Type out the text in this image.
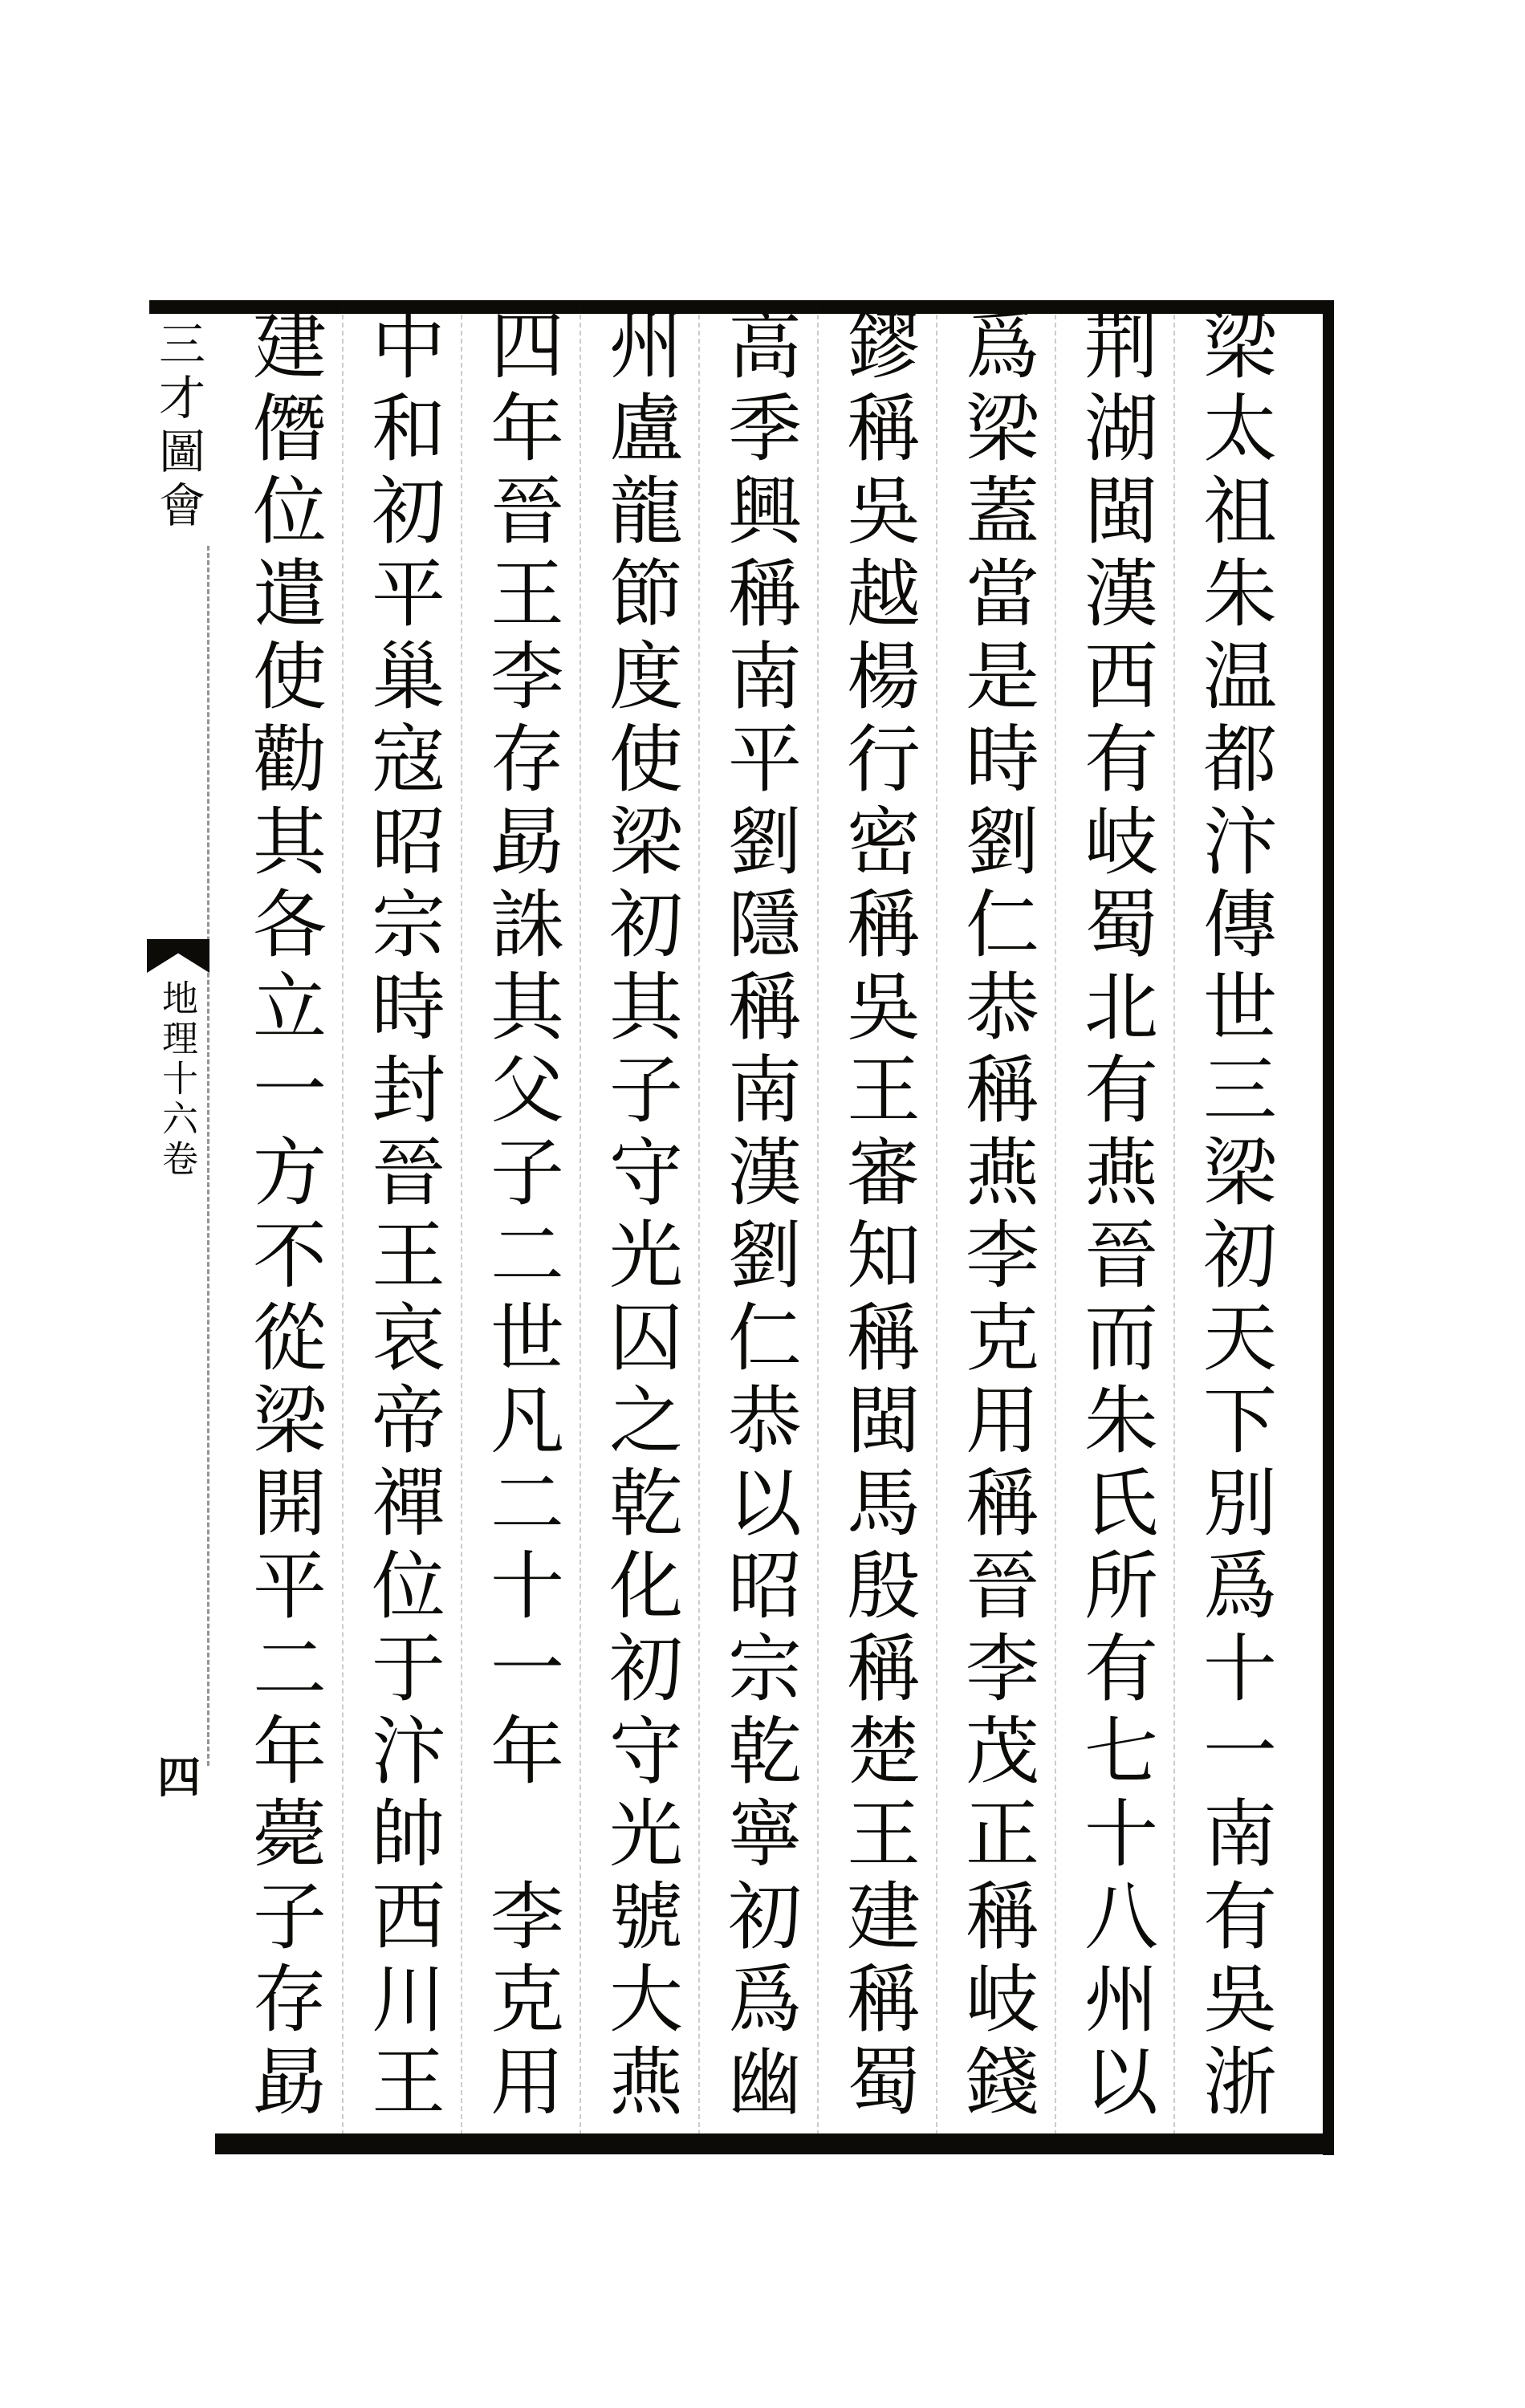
梁太祖朱温都汴傳世三梁初天下別爲十一南有吳浙
荆湖閩漢西有岐蜀北有燕晉而朱氏所有七十八州以
爲梁蓋當是時劉仁恭稱燕李克用稱晉李茂正稱岐錢
鏐稱吳越楊行密稱吳王審知稱閩馬殷稱楚王建稱蜀
高季興稱南平劉隱稱南漢劉仁恭以昭宗乾寧初爲幽
州盧龍節度使梁初其子守光囚之乾化初守光號大燕
四年晉王李存勗誅其父子二世凡二十一年　李克用
中和初平巢寇昭宗時封晉王哀帝禪位于汴帥西川王
建僭位遣使勸其各立一方不從梁開平二年薨子存勗
三才圖會
地理十六卷
四
